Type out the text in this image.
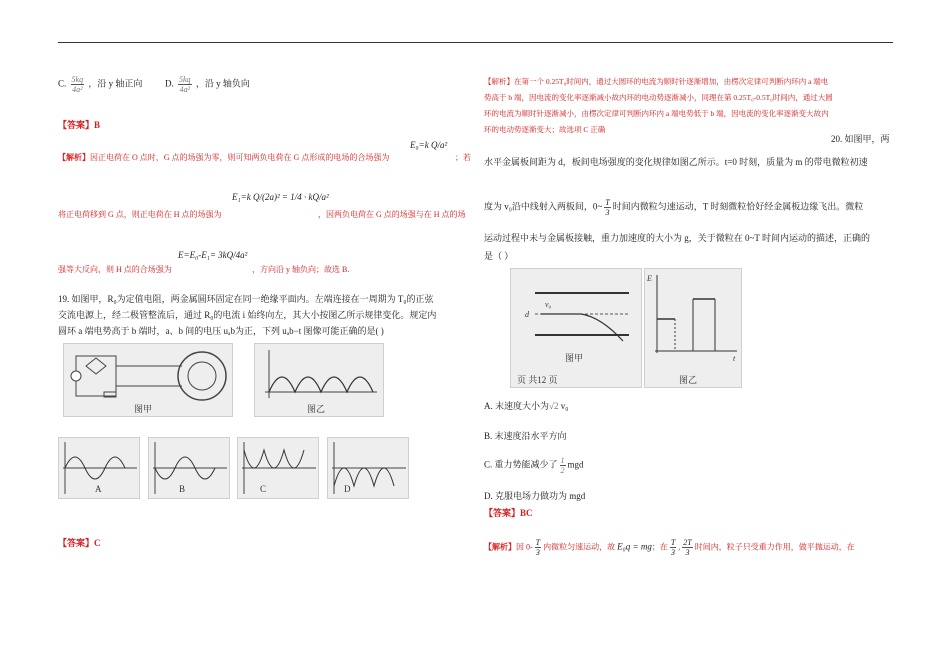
C. $\frac{5kq}{\text{4a²}}$ ，沿 y 轴正向	D. $\frac{5kq}{\text{4a²}}$ ，沿 y 轴负向
【答案】B
【解析】因正电荷在 O 点时，G 点的场强为零，则可知两负电荷在 G 点形成的电场的合场强为
E₀=k Q/a²
；若
E₁=k Q/(2a)² = 1/4 · kQ/a²
将正电荷移到 G 点，则正电荷在 H 点的场强为	，因两负电荷在 G 点的场强与在 H 点的场
E=E₀-E₁= 3kQ/4a²
强等大反向，则 H 点的合场强为	，方向沿 y 轴负向；故选 B.
19. 如图甲，R₀为定值电阻，两金属圆环固定在同一绝缘平面内。左端连接在一周期为 T₀的正弦
交流电源上，经二极管整流后，通过 R₀的电流 i 始终向左，其大小按图乙所示规律变化。规定内
圆环 a 端电势高于 b 端时，a、b 间的电压 uₐb为正，下列 uₐb−t 图像可能正确的是( )
图甲	图乙
A	B	C	D
【答案】C
【解析】在第一个 0.25T₀时间内，通过大圆环的电流为顺时针逐渐增加，由楞次定律可判断内环内 a 端电
势高于 b 端，因电流的变化率逐渐减小故内环的电动势逐渐减小，同理在第 0.25T₀-0.5T₀时间内，通过大圆
环的电流为顺时针逐渐减小，由楞次定律可判断内环内 a 端电势低于 b 端，因电流的变化率逐渐变大故内
环的电动势逐渐变大；故选项 C 正确
20. 如图甲，两
水平金属板间距为 d，板间电场强度的变化规律如图乙所示。t=0 时刻，质量为 m 的带电微粒初速
度为 v₀沿中线射入两板间，0~ $\frac{T}{3}$ 时间内微粒匀速运动，T 时刻微粒恰好经金属板边缘飞出。微粒
运动过程中未与金属板接触，重力加速度的大小为 g，关于微粒在 0~T 时间内运动的描述，正确的
是（ ）
v₀
d
图甲
页 共12 页
E
t
图乙
A. 末速度大小为√2 v₀
B. 末速度沿水平方向
C. 重力势能减少了 $\frac{1}{2}$ mgd
D. 克服电场力做功为 mgd
【答案】BC
【解析】因 $0- \frac{T}{3}$ 内微粒匀速运动，故 E₀q = mg；在 $\frac{T}{3}$ , $\frac{2T}{3}$ 时间内，粒子只受重力作用，做平抛运动，在
